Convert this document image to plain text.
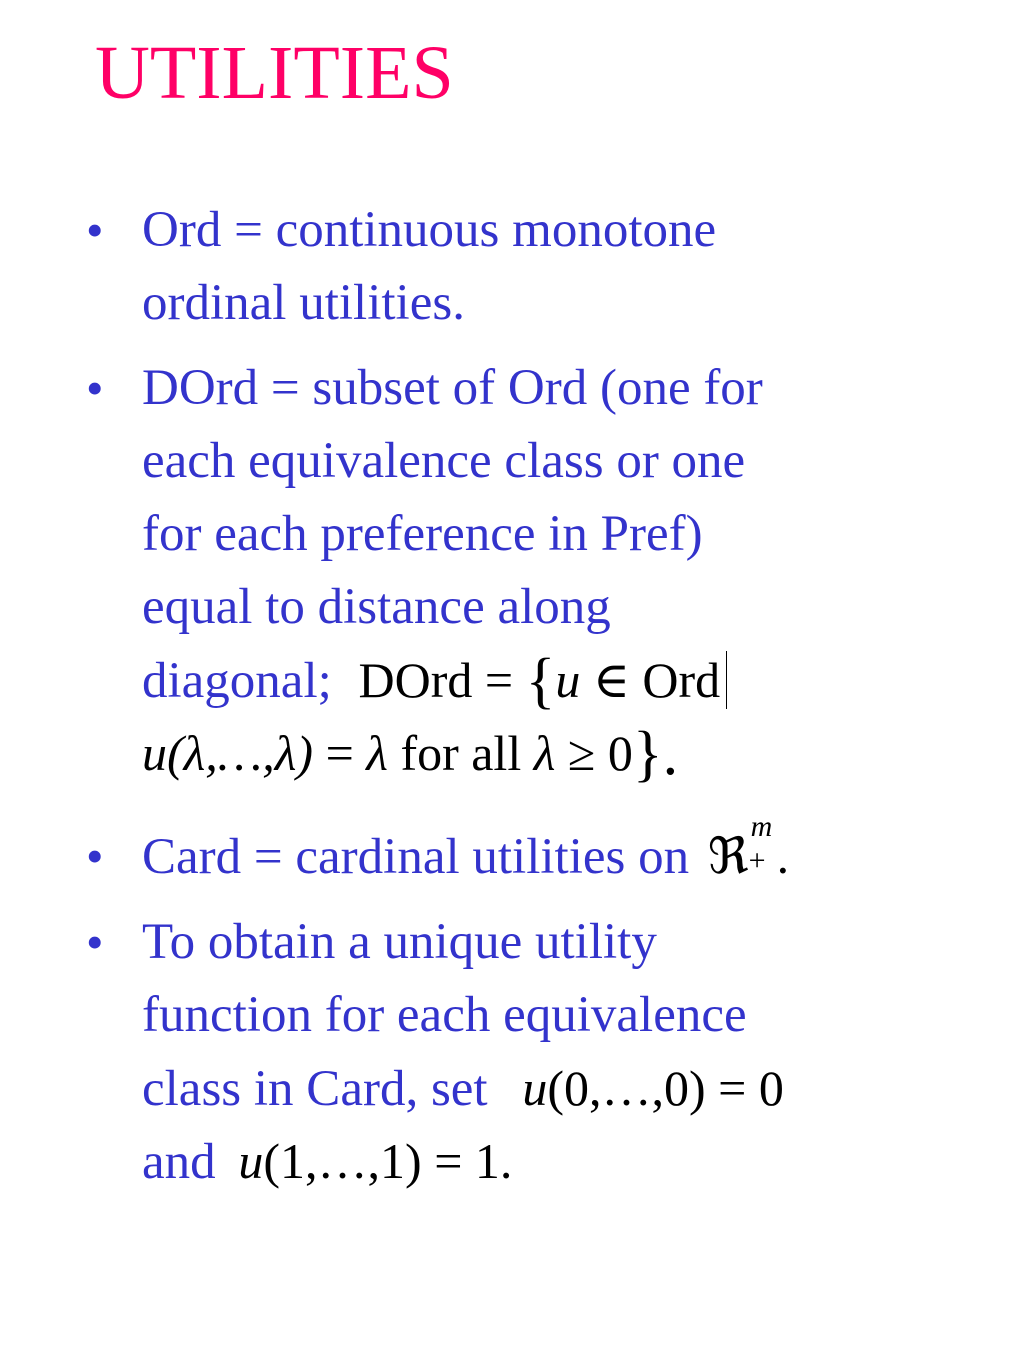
UTILITIES
• Ord = continuous monotone
ordinal utilities.
• DOrd = subset of Ord (one for
each equivalence class or one
for each preference in Pref)
equal to distance along
diagonal; DOrd = {u ∈ Ord
u(λ,…,λ) = λ for all λ ≥ 0}.
• Card = cardinal utilities on ℜ
m
+ .
• To obtain a unique utility
function for each equivalence
class in Card, set u(0,…,0) = 0
and u(1,…,1) = 1.
